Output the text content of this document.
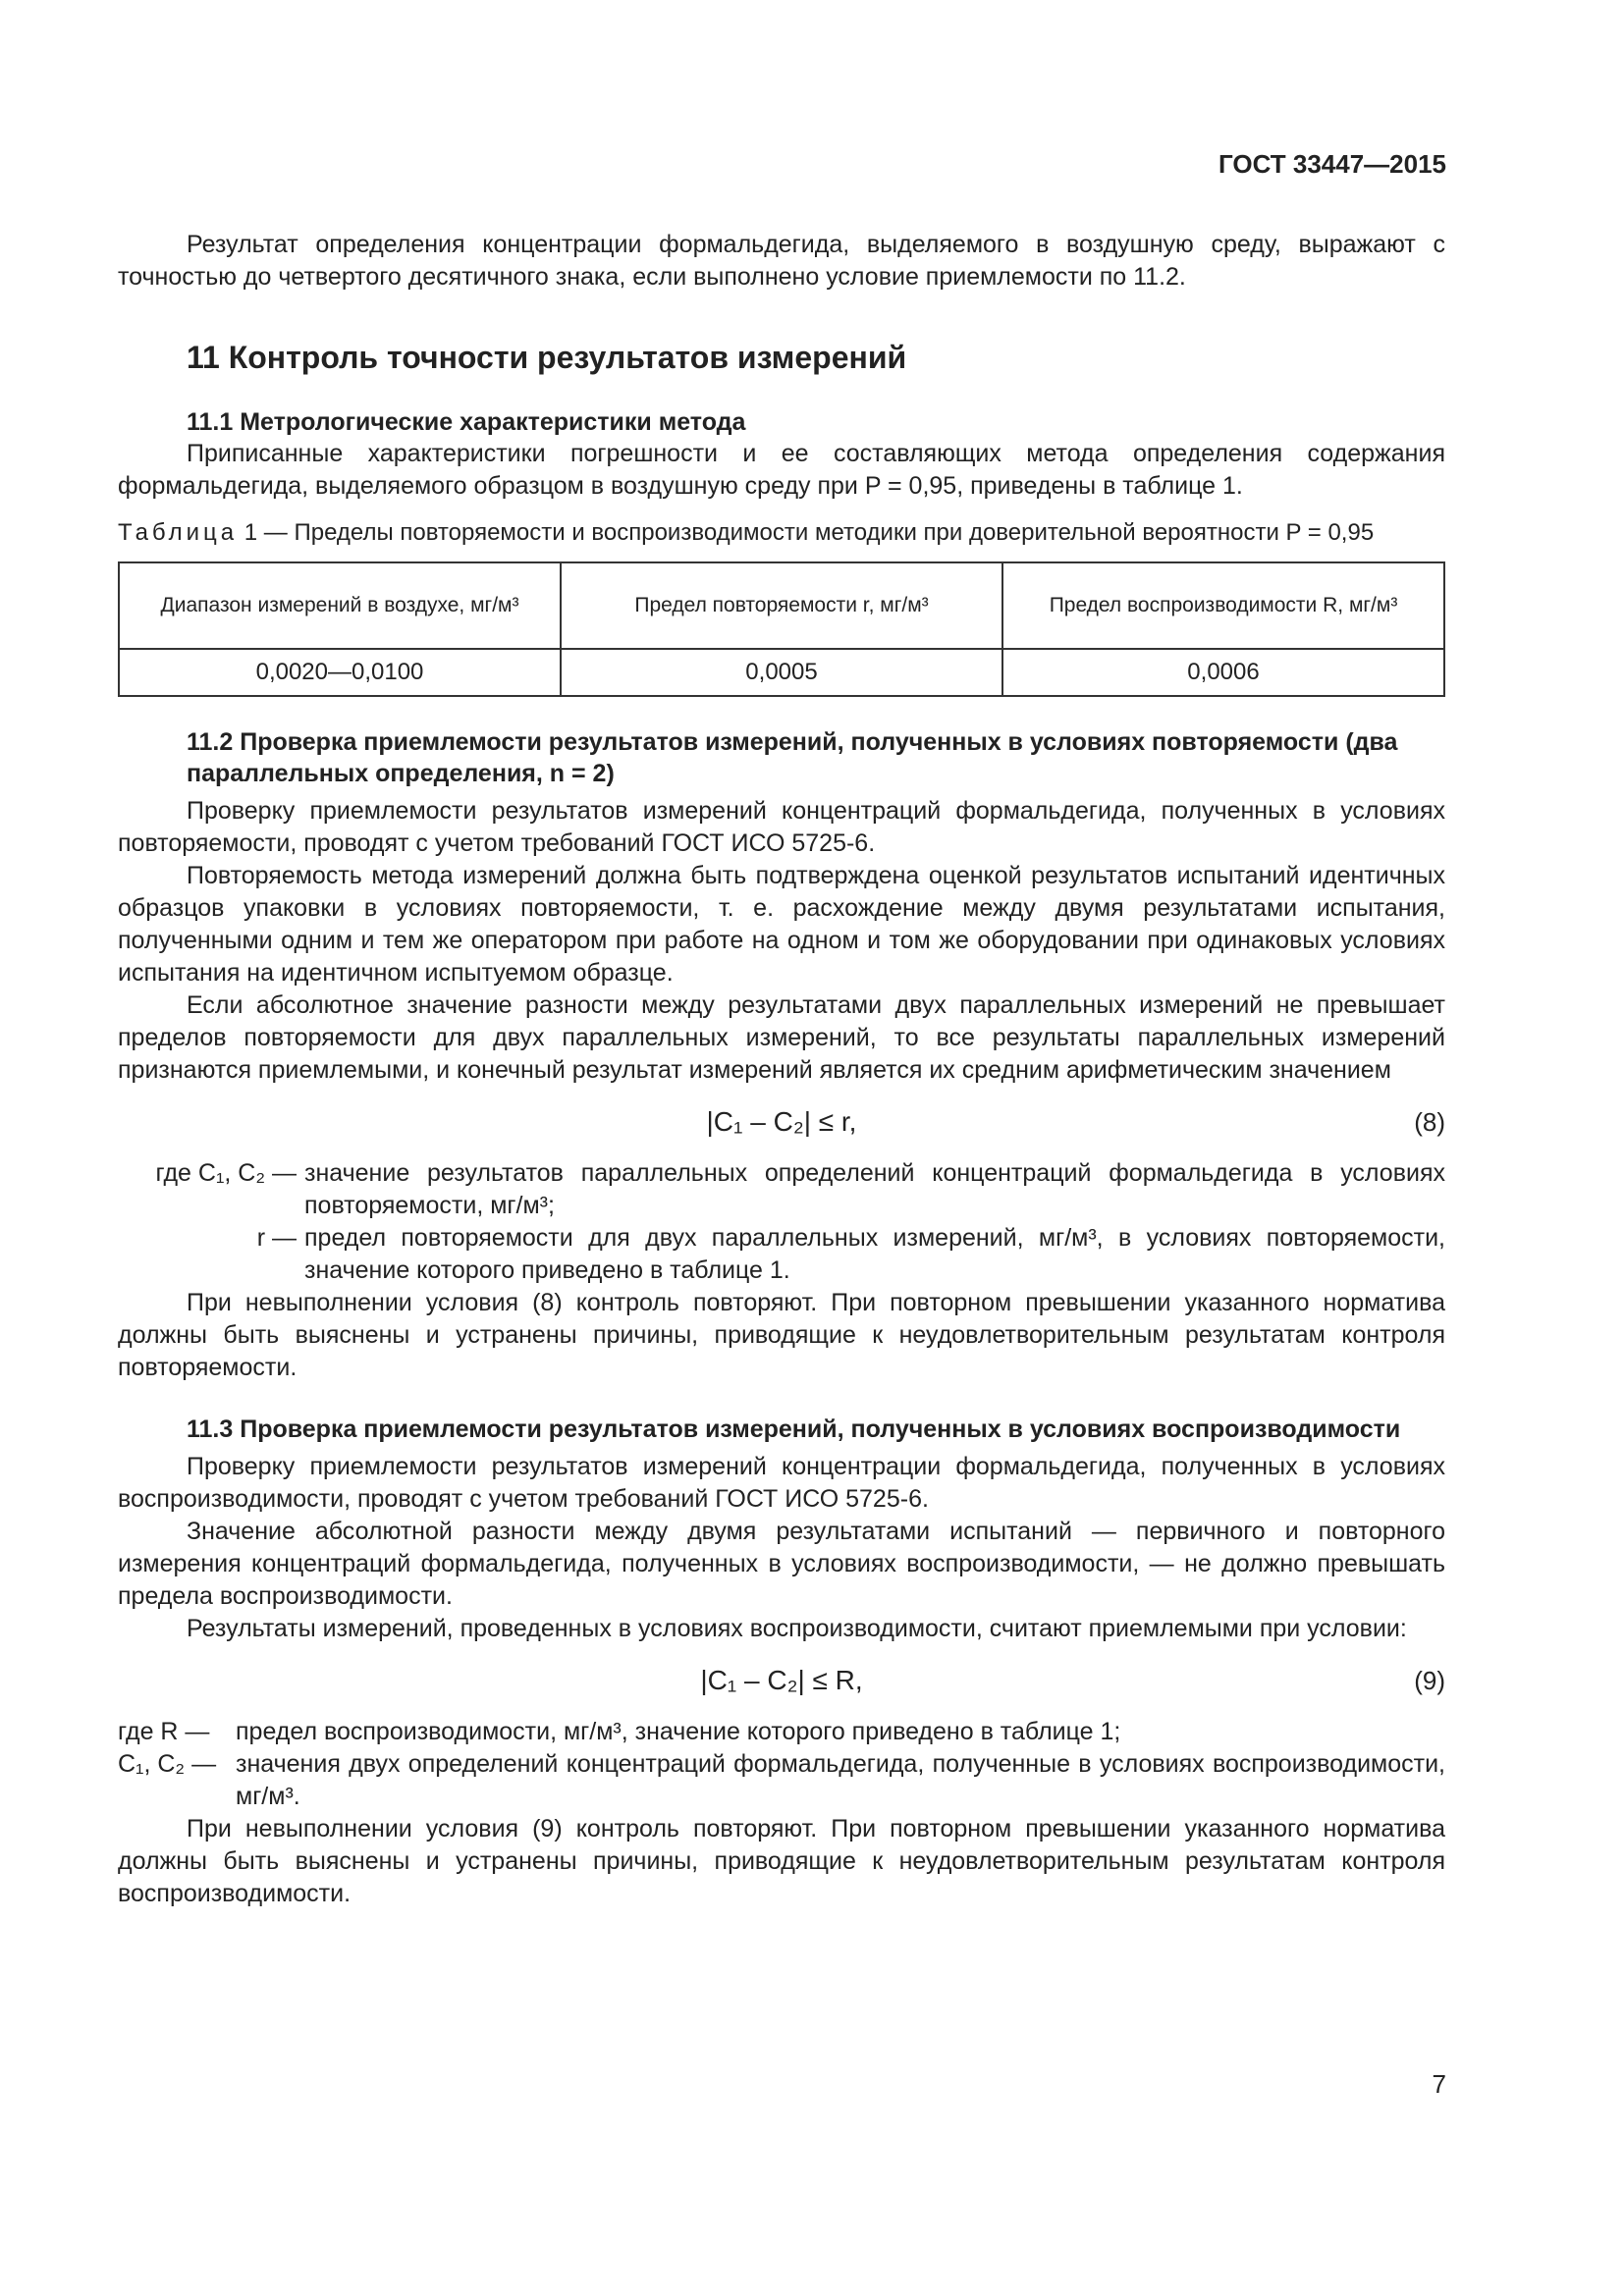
ГОСТ 33447—2015

Результат определения концентрации формальдегида, выделяемого в воздушную среду, выражают с точностью до четвертого десятичного знака, если выполнено условие приемлемости по 11.2.

11 Контроль точности результатов измерений
11.1 Метрологические характеристики метода

Приписанные характеристики погрешности и ее составляющих метода определения содержания формальдегида, выделяемого образцом в воздушную среду при P = 0,95, приведены в таблице 1.

Таблица 1 — Пределы повторяемости и воспроизводимости методики при доверительной вероятности P = 0,95
Диапазон измерений в воздухе, мг/м³	Предел повторяемости r, мг/м³	Предел воспроизводимости R, мг/м³
0,0020—0,0100	0,0005	0,0006
11.2 Проверка приемлемости результатов измерений, полученных в условиях повторяемости (два параллельных определения, n = 2)

Проверку приемлемости результатов измерений концентраций формальдегида, полученных в условиях повторяемости, проводят с учетом требований ГОСТ ИСО 5725-6.

Повторяемость метода измерений должна быть подтверждена оценкой результатов испытаний идентичных образцов упаковки в условиях повторяемости, т. е. расхождение между двумя результатами испытания, полученными одним и тем же оператором при работе на одном и том же оборудовании при одинаковых условиях испытания на идентичном испытуемом образце.

Если абсолютное значение разности между результатами двух параллельных измерений не превышает пределов повторяемости для двух параллельных измерений, то все результаты параллельных измерений признаются приемлемыми, и конечный результат измерений является их средним арифметическим значением

|C₁ – C₂| ≤ r,	(8)
где C₁, C₂ — значение результатов параллельных определений концентраций формальдегида в условиях повторяемости, мг/м³;
r — предел повторяемости для двух параллельных измерений, мг/м³, в условиях повторяемости, значение которого приведено в таблице 1.

При невыполнении условия (8) контроль повторяют. При повторном превышении указанного норматива должны быть выяснены и устранены причины, приводящие к неудовлетворительным результатам контроля повторяемости.

11.3 Проверка приемлемости результатов измерений, полученных в условиях воспроизводимости

Проверку приемлемости результатов измерений концентрации формальдегида, полученных в условиях воспроизводимости, проводят с учетом требований ГОСТ ИСО 5725-6.

Значение абсолютной разности между двумя результатами испытаний — первичного и повторного измерения концентраций формальдегида, полученных в условиях воспроизводимости, — не должно превышать предела воспроизводимости.

Результаты измерений, проведенных в условиях воспроизводимости, считают приемлемыми при условии:

|C₁ – C₂| ≤ R,	(9)
где R —	предел воспроизводимости, мг/м³, значение которого приведено в таблице 1;
C₁, C₂ — значения двух определений концентраций формальдегида, полученные в условиях воспроизводимости, мг/м³.

При невыполнении условия (9) контроль повторяют. При повторном превышении указанного норматива должны быть выяснены и устранены причины, приводящие к неудовлетворительным результатам контроля воспроизводимости.

7
